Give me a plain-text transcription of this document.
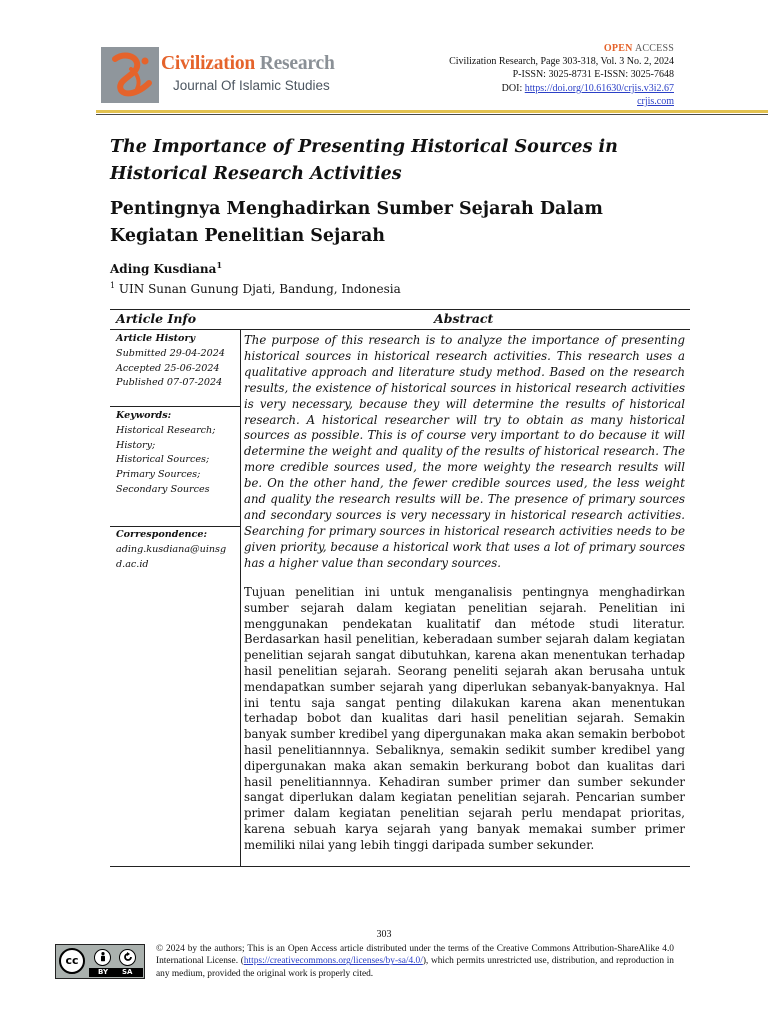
Civilization Research
Journal Of Islamic Studies
OPEN ACCESS
Civilization Research, Page 303-318, Vol. 3 No. 2, 2024
P-ISSN: 3025-8731 E-ISSN: 3025-7648
DOI: https://doi.org/10.61630/crjis.v3i2.67
crjis.com
The Importance of Presenting Historical Sources in Historical Research Activities
Pentingnya Menghadirkan Sumber Sejarah Dalam Kegiatan Penelitian Sejarah
Ading Kusdiana$^1$
$^1$ UIN Sunan Gunung Djati, Bandung, Indonesia
Article Info	Abstract
Article History
Submitted 29-04-2024
Accepted 25-06-2024
Published 07-07-2024
Keywords:
Historical Research;
History;
Historical Sources;
Primary Sources;
Secondary Sources
Correspondence:
ading.kusdiana@uinsg
d.ac.id
The purpose of this research is to analyze the importance of presenting historical sources in historical research activities. This research uses a qualitative approach and literature study method. Based on the research results, the existence of historical sources in historical research activities is very necessary, because they will determine the results of historical research. A historical researcher will try to obtain as many historical sources as possible. This is of course very important to do because it will determine the weight and quality of the results of historical research. The more credible sources used, the more weighty the research results will be. On the other hand, the fewer credible sources used, the less weight and quality the research results will be. The presence of primary sources and secondary sources is very necessary in historical research activities. Searching for primary sources in historical research activities needs to be given priority, because a historical work that uses a lot of primary sources has a higher value than secondary sources.
Tujuan penelitian ini untuk menganalisis pentingnya menghadirkan sumber sejarah dalam kegiatan penelitian sejarah. Penelitian ini menggunakan pendekatan kualitatif dan métode studi literatur. Berdasarkan hasil penelitian, keberadaan sumber sejarah dalam kegiatan penelitian sejarah sangat dibutuhkan, karena akan menentukan terhadap hasil penelitian sejarah. Seorang peneliti sejarah akan berusaha untuk mendapatkan sumber sejarah yang diperlukan sebanyak-banyaknya. Hal ini tentu saja sangat penting dilakukan karena akan menentukan terhadap bobot dan kualitas dari hasil penelitian sejarah. Semakin banyak sumber kredibel yang dipergunakan maka akan semakin berbobot hasil penelitiannnya. Sebaliknya, semakin sedikit sumber kredibel yang dipergunakan maka akan semakin berkurang bobot dan kualitas dari hasil penelitiannnya. Kehadiran sumber primer dan sumber sekunder sangat diperlukan dalam kegiatan penelitian sejarah. Pencarian sumber primer dalam kegiatan penelitian sejarah perlu mendapat prioritas, karena sebuah karya sejarah yang banyak memakai sumber primer memiliki nilai yang lebih tinggi daripada sumber sekunder.
303
cc
BY SA
© 2024 by the authors; This is an Open Access article distributed under the terms of the Creative Commons Attribution-ShareAlike 4.0 International License. (https://creativecommons.org/licenses/by-sa/4.0/), which permits unrestricted use, distribution, and reproduction in any medium, provided the original work is properly cited.
